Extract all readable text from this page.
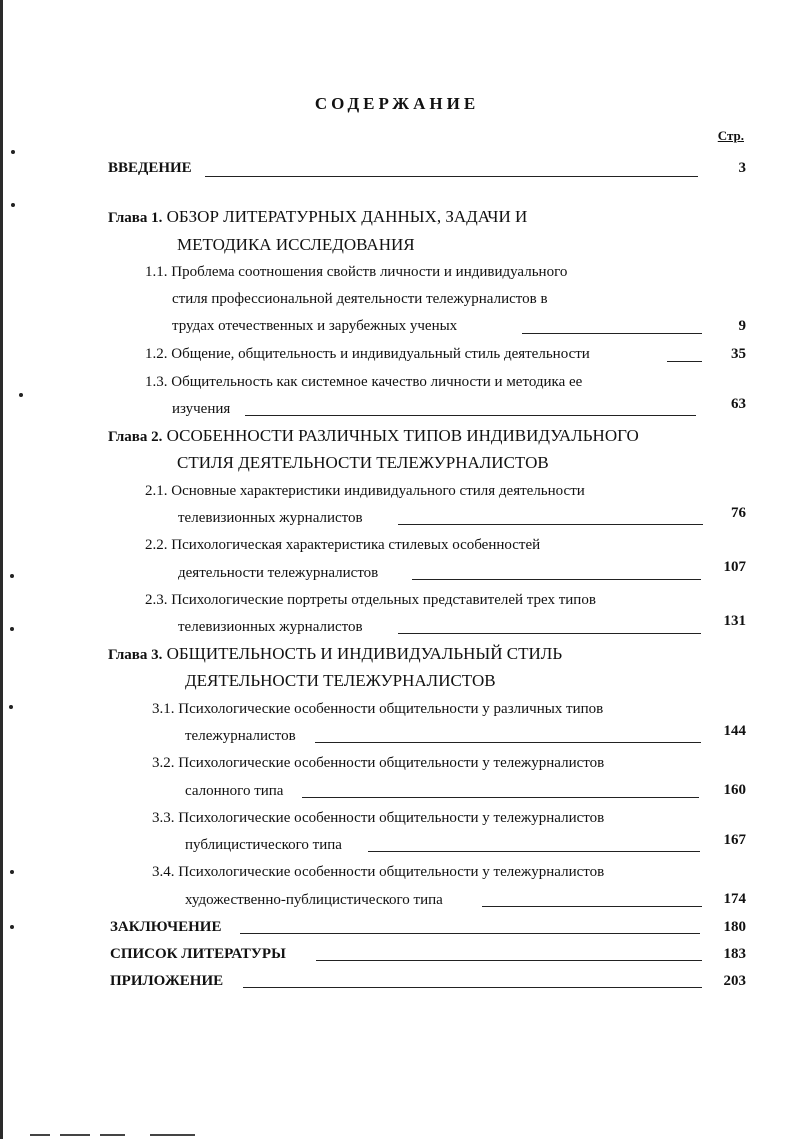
СОДЕРЖАНИЕ
Стр.
ВВЕДЕНИЕ	3
Глава 1. ОБЗОР ЛИТЕРАТУРНЫХ ДАННЫХ, ЗАДАЧИ И
МЕТОДИКА ИССЛЕДОВАНИЯ
1.1. Проблема соотношения свойств личности и индивидуального
стиля профессиональной деятельности тележурналистов в
трудах отечественных и зарубежных ученых	9
1.2. Общение, общительность и индивидуальный стиль деятельности	35
1.3. Общительность как системное качество личности и методика ее
изучения	63
Глава 2. ОСОБЕННОСТИ РАЗЛИЧНЫХ ТИПОВ ИНДИВИДУАЛЬНОГО
СТИЛЯ ДЕЯТЕЛЬНОСТИ ТЕЛЕЖУРНАЛИСТОВ
2.1. Основные характеристики индивидуального стиля деятельности
телевизионных журналистов	76
2.2. Психологическая характеристика стилевых особенностей
деятельности тележурналистов	107
2.3. Психологические портреты отдельных представителей трех типов
телевизионных журналистов	131
Глава 3. ОБЩИТЕЛЬНОСТЬ И ИНДИВИДУАЛЬНЫЙ СТИЛЬ
ДЕЯТЕЛЬНОСТИ ТЕЛЕЖУРНАЛИСТОВ
3.1. Психологические особенности общительности у различных типов
тележурналистов	144
3.2. Психологические особенности общительности у тележурналистов
салонного типа	160
3.3. Психологические особенности общительности у тележурналистов
публицистического типа	167
3.4. Психологические особенности общительности у тележурналистов
художественно-публицистического типа	174
ЗАКЛЮЧЕНИЕ	180
СПИСОК ЛИТЕРАТУРЫ	183
ПРИЛОЖЕНИЕ	203
